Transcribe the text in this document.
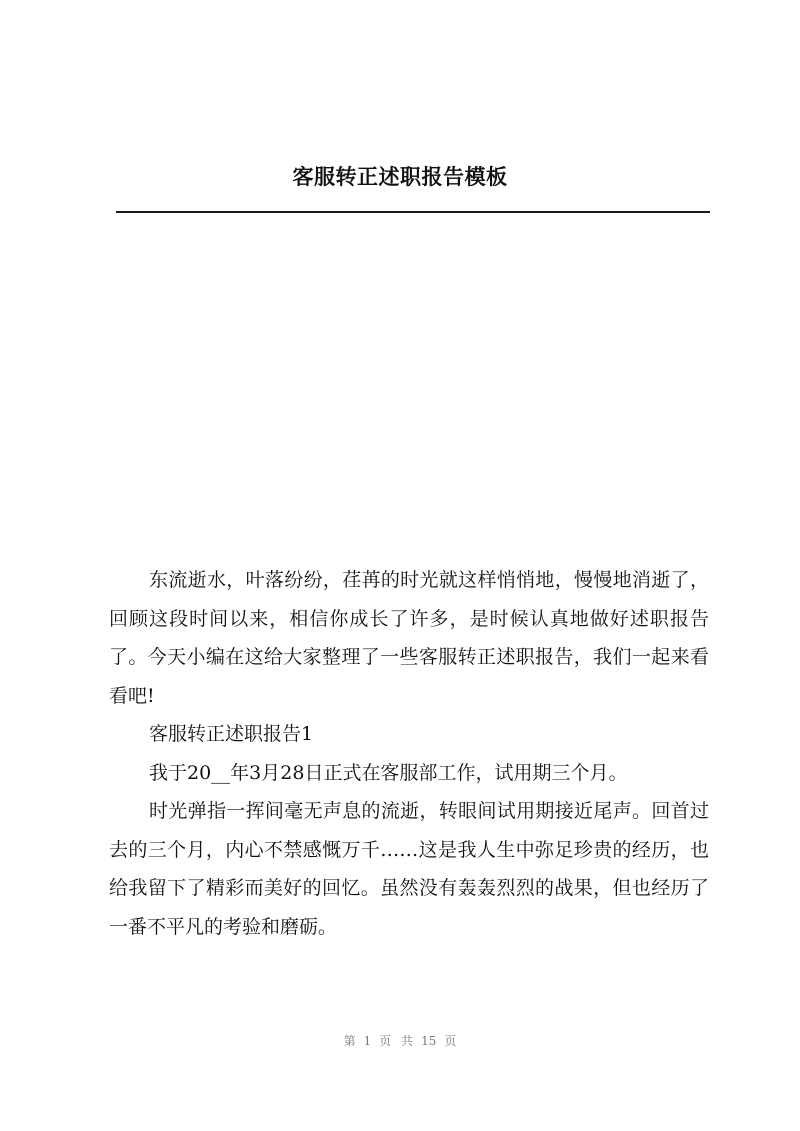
客服转正述职报告模板

东流逝水，叶落纷纷，荏苒的时光就这样悄悄地，慢慢地消逝了，回顾这段时间以来，相信你成长了许多，是时候认真地做好述职报告了。今天小编在这给大家整理了一些客服转正述职报告，我们一起来看看吧!

客服转正述职报告1

我于20__年3月28日正式在客服部工作，试用期三个月。

时光弹指一挥间毫无声息的流逝，转眼间试用期接近尾声。回首过去的三个月，内心不禁感慨万千……这是我人生中弥足珍贵的经历，也给我留下了精彩而美好的回忆。虽然没有轰轰烈烈的战果，但也经历了一番不平凡的考验和磨砺。

第 1 页 共 15 页
